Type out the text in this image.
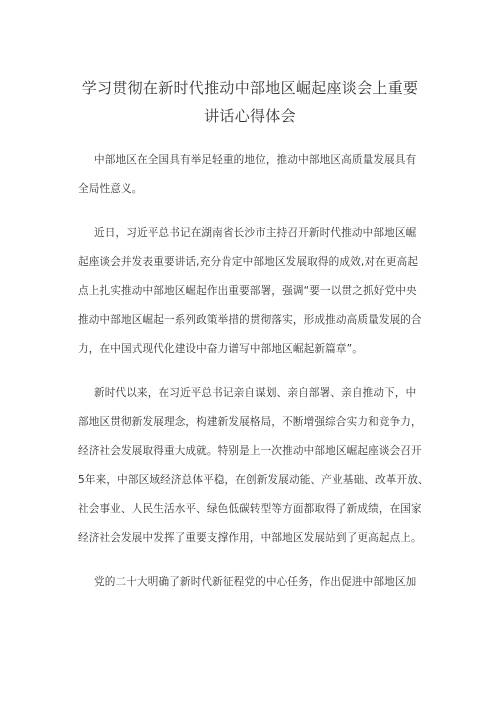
学习贯彻在新时代推动中部地区崛起座谈会上重要
讲话心得体会
中部地区在全国具有举足轻重的地位，推动中部地区高质量发展具有
全局性意义。
近日，习近平总书记在湖南省长沙市主持召开新时代推动中部地区崛
起座谈会并发表重要讲话,充分肯定中部地区发展取得的成效,对在更高起
点上扎实推动中部地区崛起作出重要部署，强调“要一以贯之抓好党中央
推动中部地区崛起一系列政策举措的贯彻落实，形成推动高质量发展的合
力，在中国式现代化建设中奋力谱写中部地区崛起新篇章”。
新时代以来，在习近平总书记亲自谋划、亲自部署、亲自推动下，中
部地区贯彻新发展理念，构建新发展格局，不断增强综合实力和竞争力，
经济社会发展取得重大成就。特别是上一次推动中部地区崛起座谈会召开
5年来，中部区域经济总体平稳，在创新发展动能、产业基础、改革开放、
社会事业、人民生活水平、绿色低碳转型等方面都取得了新成绩，在国家
经济社会发展中发挥了重要支撑作用，中部地区发展站到了更高起点上。
党的二十大明确了新时代新征程党的中心任务，作出促进中部地区加
